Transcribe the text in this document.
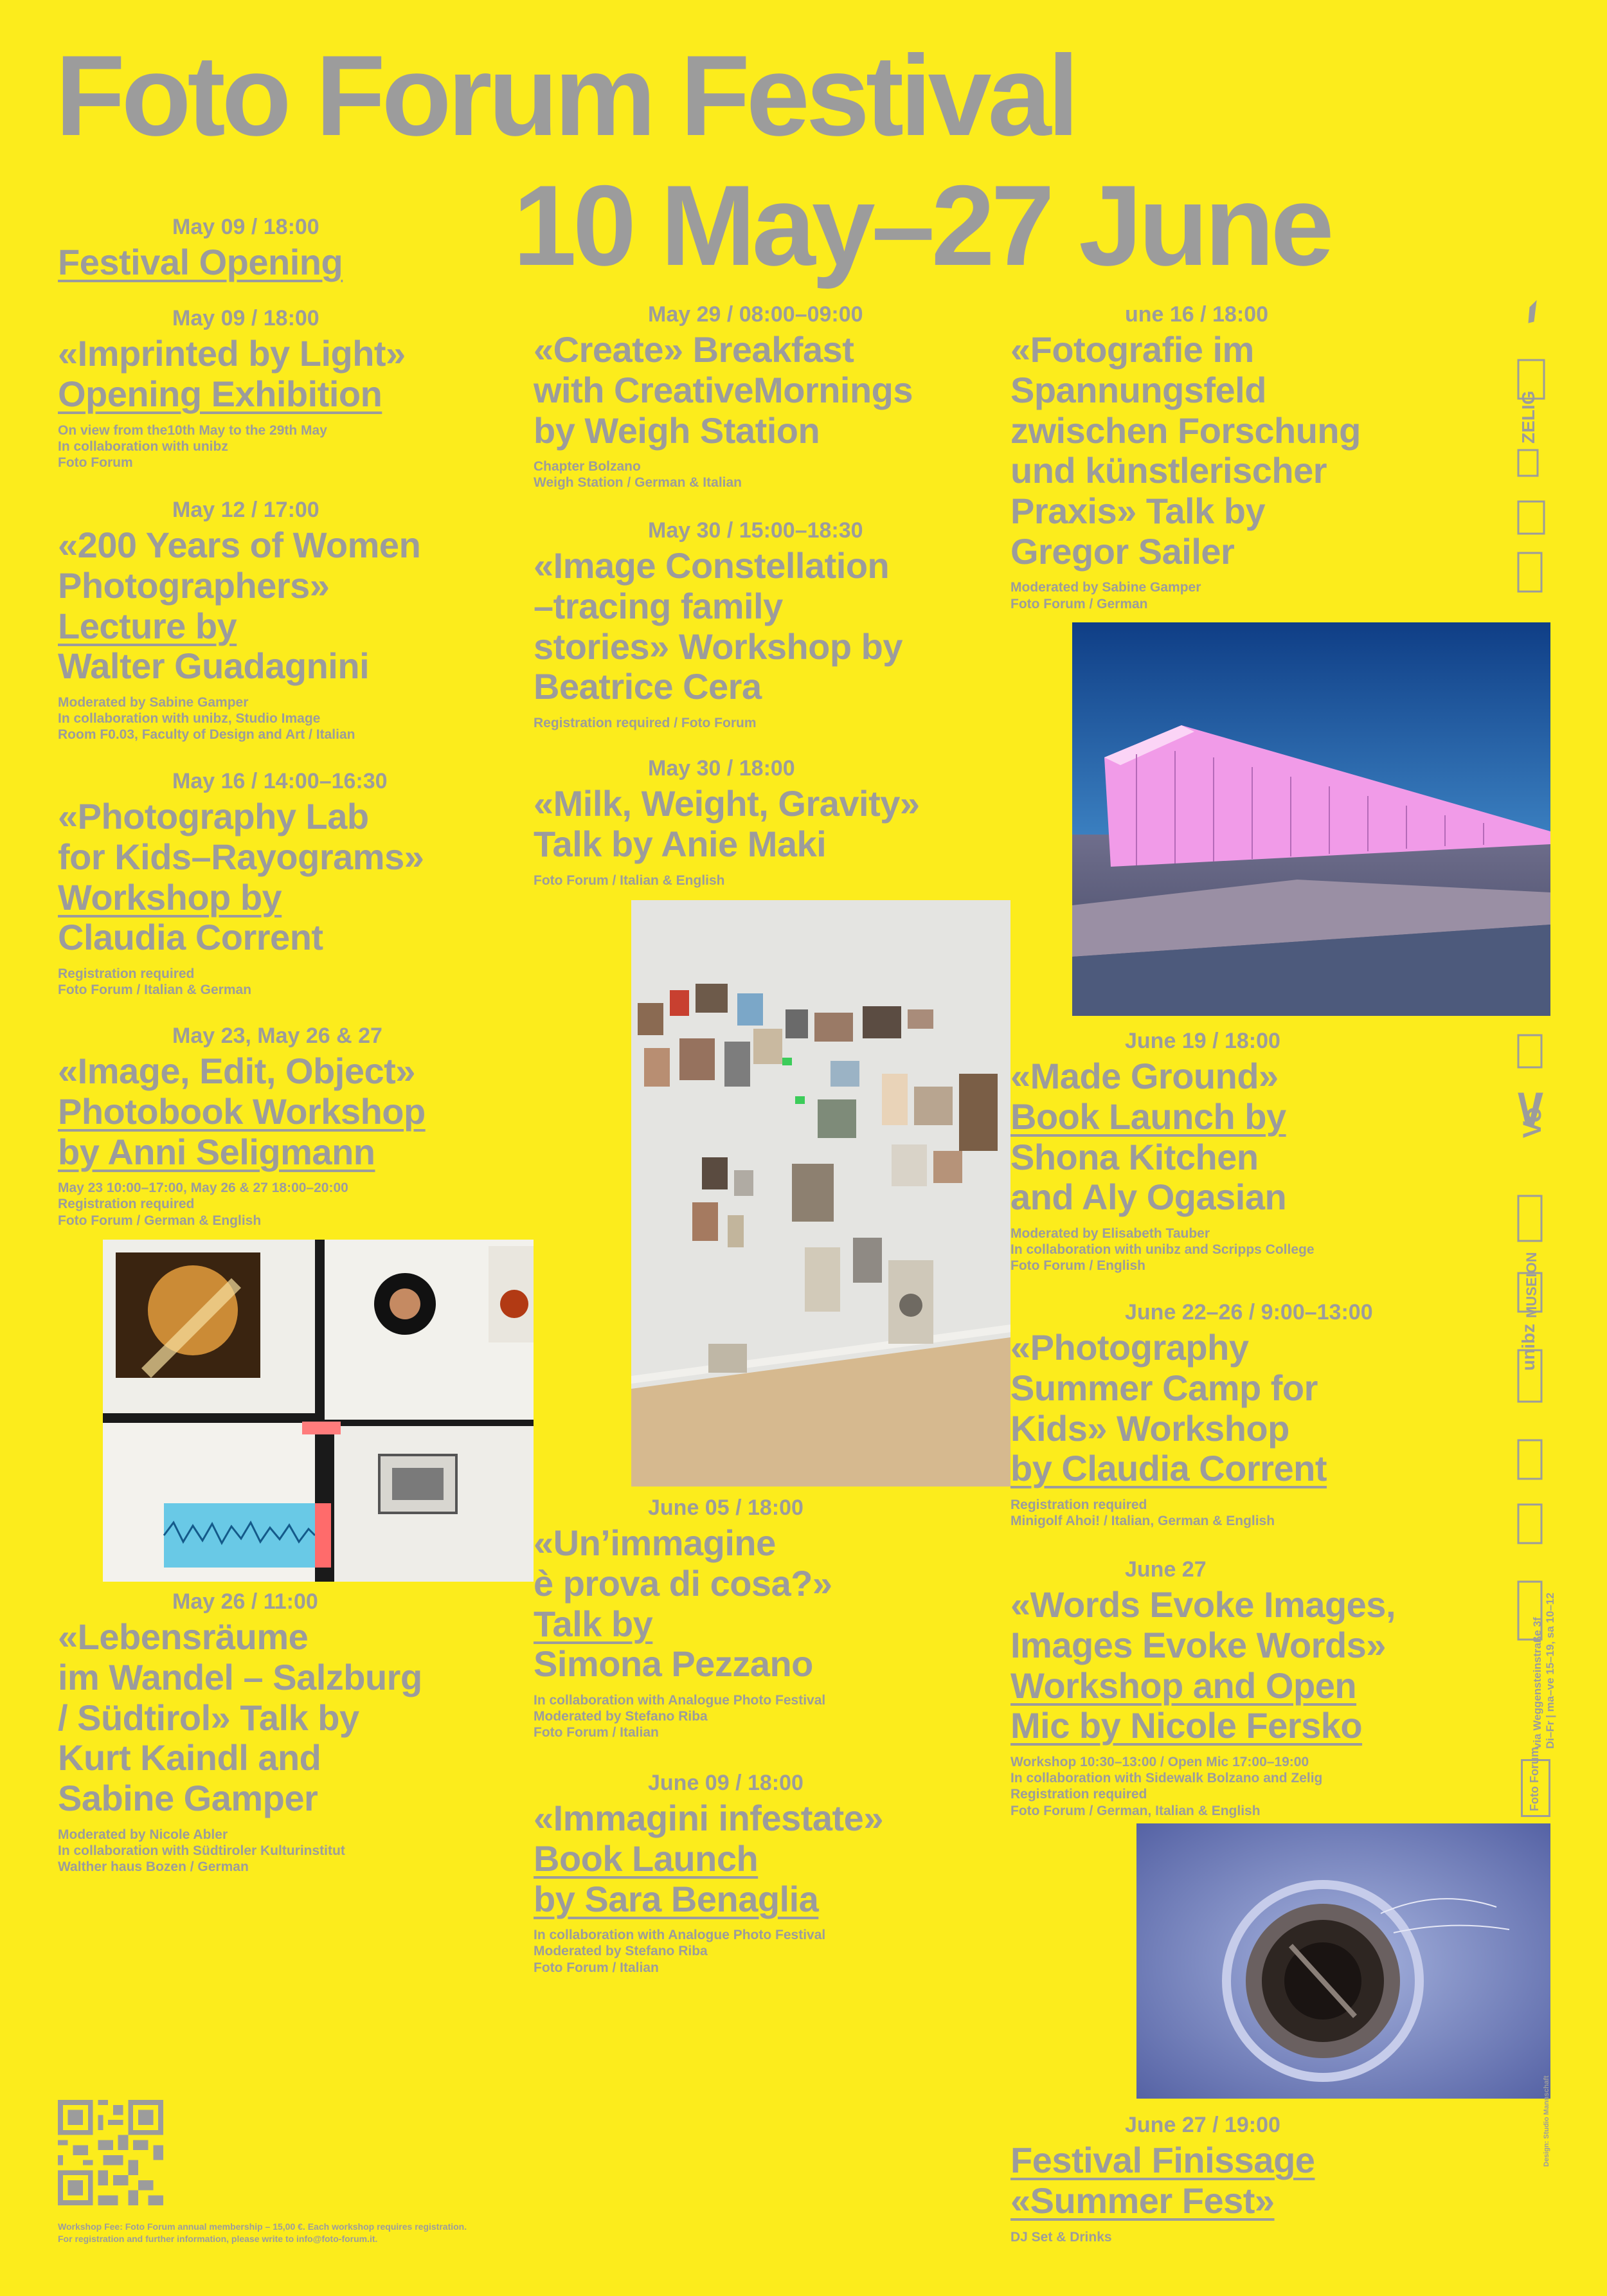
Foto Forum Festival
10 May–27 June
May 09 / 18:00
Festival Opening
May 09 / 18:00
«Imprinted by Light»
Opening Exhibition
On view from the10th May to the 29th May
In collaboration with unibz
Foto Forum
May 12 / 17:00
«200 Years of Women
Photographers»
Lecture by

Walter Guadagnini
Moderated by Sabine Gamper
In collaboration with unibz, Studio Image
Room F0.03, Faculty of Design and Art / Italian
May 16 / 14:00–16:30
«Photography Lab
for Kids–Rayograms»
Workshop by

Claudia Corrent
Registration required
Foto Forum / Italian & German
May 23, May 26 & 27
«Image, Edit, Object»
Photobook Workshop
by Anni Seligmann
May 23 10:00–17:00, May 26 & 27 18:00–20:00
Registration required
Foto Forum / German & English
May 26 / 11:00
«Lebensräume
im Wandel – Salzburg
/ Südtirol» Talk by
Kurt Kaindl and
Sabine Gamper
Moderated by Nicole Abler
In collaboration with Südtiroler Kulturinstitut
Walther haus Bozen / German
May 29 / 08:00–09:00
«Create» Breakfast

with CreativeMornings
by Weigh Station
Chapter Bolzano
Weigh Station / German & Italian
May 30 / 15:00–18:30
«Image Constellation
–tracing family
stories» Workshop by
Beatrice Cera
Registration required / Foto Forum
May 30 / 18:00
«Milk, Weight, Gravity»
Talk by Anie Maki
Foto Forum / Italian & English
June 05 / 18:00
«Un’immagine
è prova di cosa?»
Talk by

Simona Pezzano
In collaboration with Analogue Photo Festival
Moderated by Stefano Riba
Foto Forum / Italian
June 09 / 18:00
«Immagini infestate»
Book Launch
by Sara Benaglia
In collaboration with Analogue Photo Festival
Moderated by Stefano Riba
Foto Forum / Italian
une 16 / 18:00
«Fotografie im
Spannungsfeld
zwischen Forschung
und künstlerischer
Praxis» Talk by
Gregor Sailer
Moderated by Sabine Gamper
Foto Forum / German
June 19 / 18:00
«Made Ground»
Book Launch by

Shona Kitchen
and Aly Ogasian
Moderated by Elisabeth Tauber
In collaboration with unibz and Scripps College
Foto Forum / English
June 22–26 / 9:00–13:00
«Photography
Summer Camp for
Kids» Workshop
by Claudia Corrent
Registration required
Minigolf Ahoi! / Italian, German & English
June 27
«Words Evoke Images,
Images Evoke Words»
Workshop and Open
Mic by Nicole Fersko
Workshop 10:30–13:00 / Open Mic 17:00–19:00
In collaboration with Sidewalk Bolzano and Zelig
Registration required
Foto Forum / German, Italian & English
June 27 / 19:00
Festival Finissage
«Summer Fest»
DJ Set & Drinks
ZELIG
unibz
MUSEION
Vo
via Weggensteinstraße 3f Di–Fr | ma–ve 15–19, sa 10–12
Foto Forum
Design: Studio Mannschaft
Workshop Fee: Foto Forum annual membership – 15,00 €. Each workshop requires registration.
For registration and further information, please write to info@foto-forum.it.
